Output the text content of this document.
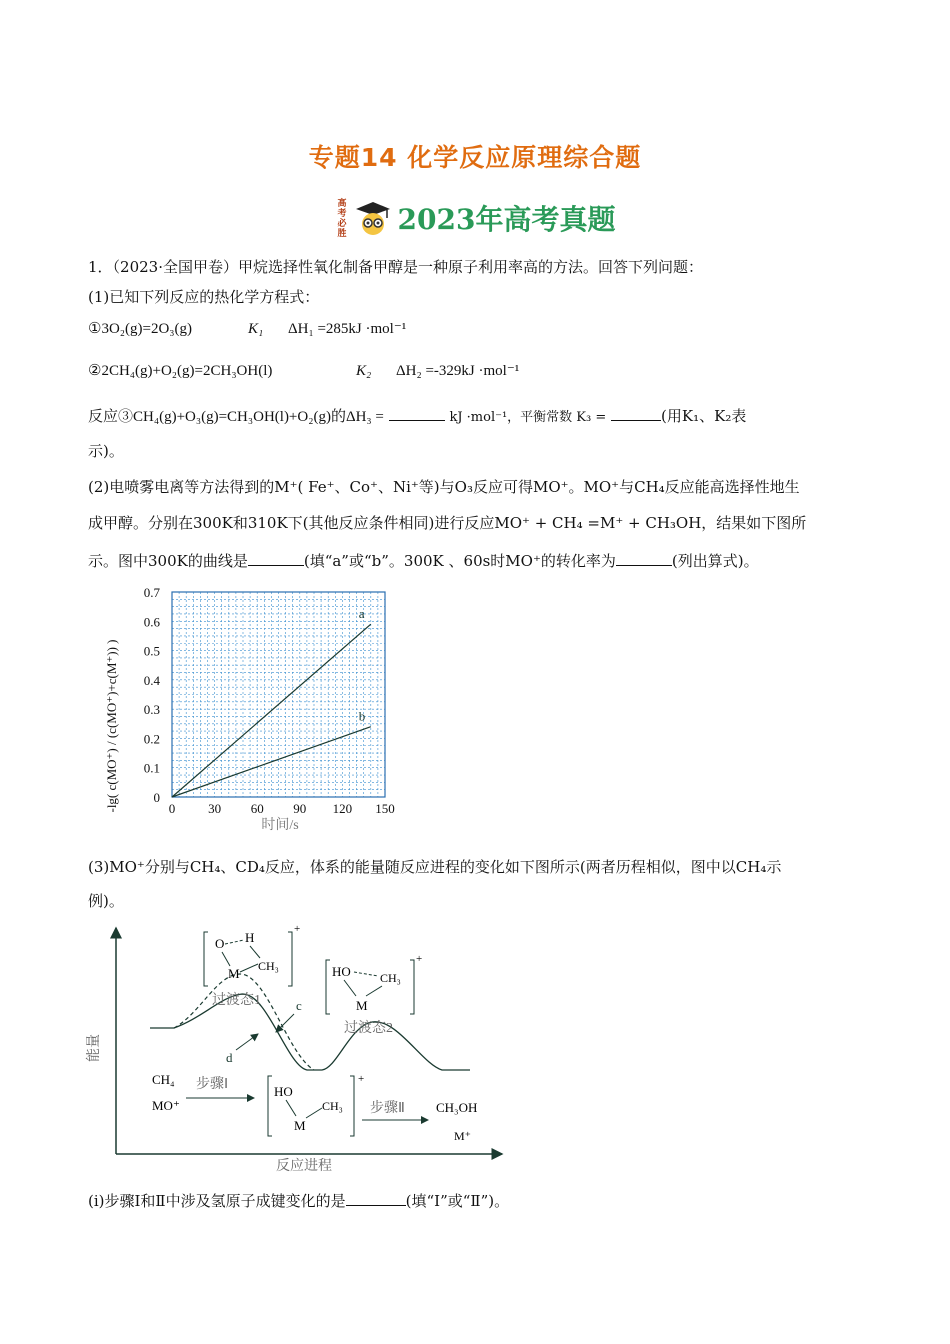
专题14 化学反应原理综合题
高考必胜 2023年高考真题
1．（2023·全国甲卷）甲烷选择性氧化制备甲醇是一种原子利用率高的方法。回答下列问题：
(1)已知下列反应的热化学方程式：
①3O₂(g)=2O₃(g)	K₁ ΔH₁ =285kJ ·mol⁻¹
②2CH₄(g)+O₂(g)=2CH₃OH(l)	K₂ ΔH₂ =-329kJ ·mol⁻¹
反应③CH₄(g)+O₃(g)=CH₃OH(l)+O₂(g)的ΔH₃ =	kJ ·mol⁻¹，平衡常数 K₃ =	(用K₁、K₂表
示)。
(2)电喷雾电离等方法得到的M⁺( Fe⁺、Co⁺、Ni⁺等)与O₃反应可得MO⁺。MO⁺与CH₄反应能高选择性地生
成甲醇。分别在300K和310K下(其他反应条件相同)进行反应MO⁺ + CH₄ =M⁺ + CH₃OH，结果如下图所
示。图中300K的曲线是	(填“a”或“b”。300K 、60s时MO⁺的转化率为	(列出算式)。
a
b
0
0.1
0.2
0.3
0.4
0.5
0.6
0.7
0	30 60 90 120 150
时间/s
-lg( c(MO⁺) / (c(MO⁺)+c(M⁺)) )
(3)MO⁺分别与CH₄、CD₄反应，体系的能量随反应进程的变化如下图所示(两者历程相似，图中以CH₄示
例)。
能量
反应进程
c
d
O H
M CH₃
+
过渡态1
HO CH₃
M
+
过渡态2
CH₄
MO⁺
步骤Ⅰ	HO
M
CH₃
+
步骤Ⅱ CH₃OH
M⁺
(i)步骤Ⅰ和Ⅱ中涉及氢原子成键变化的是	(填“Ⅰ”或“Ⅱ”)。
